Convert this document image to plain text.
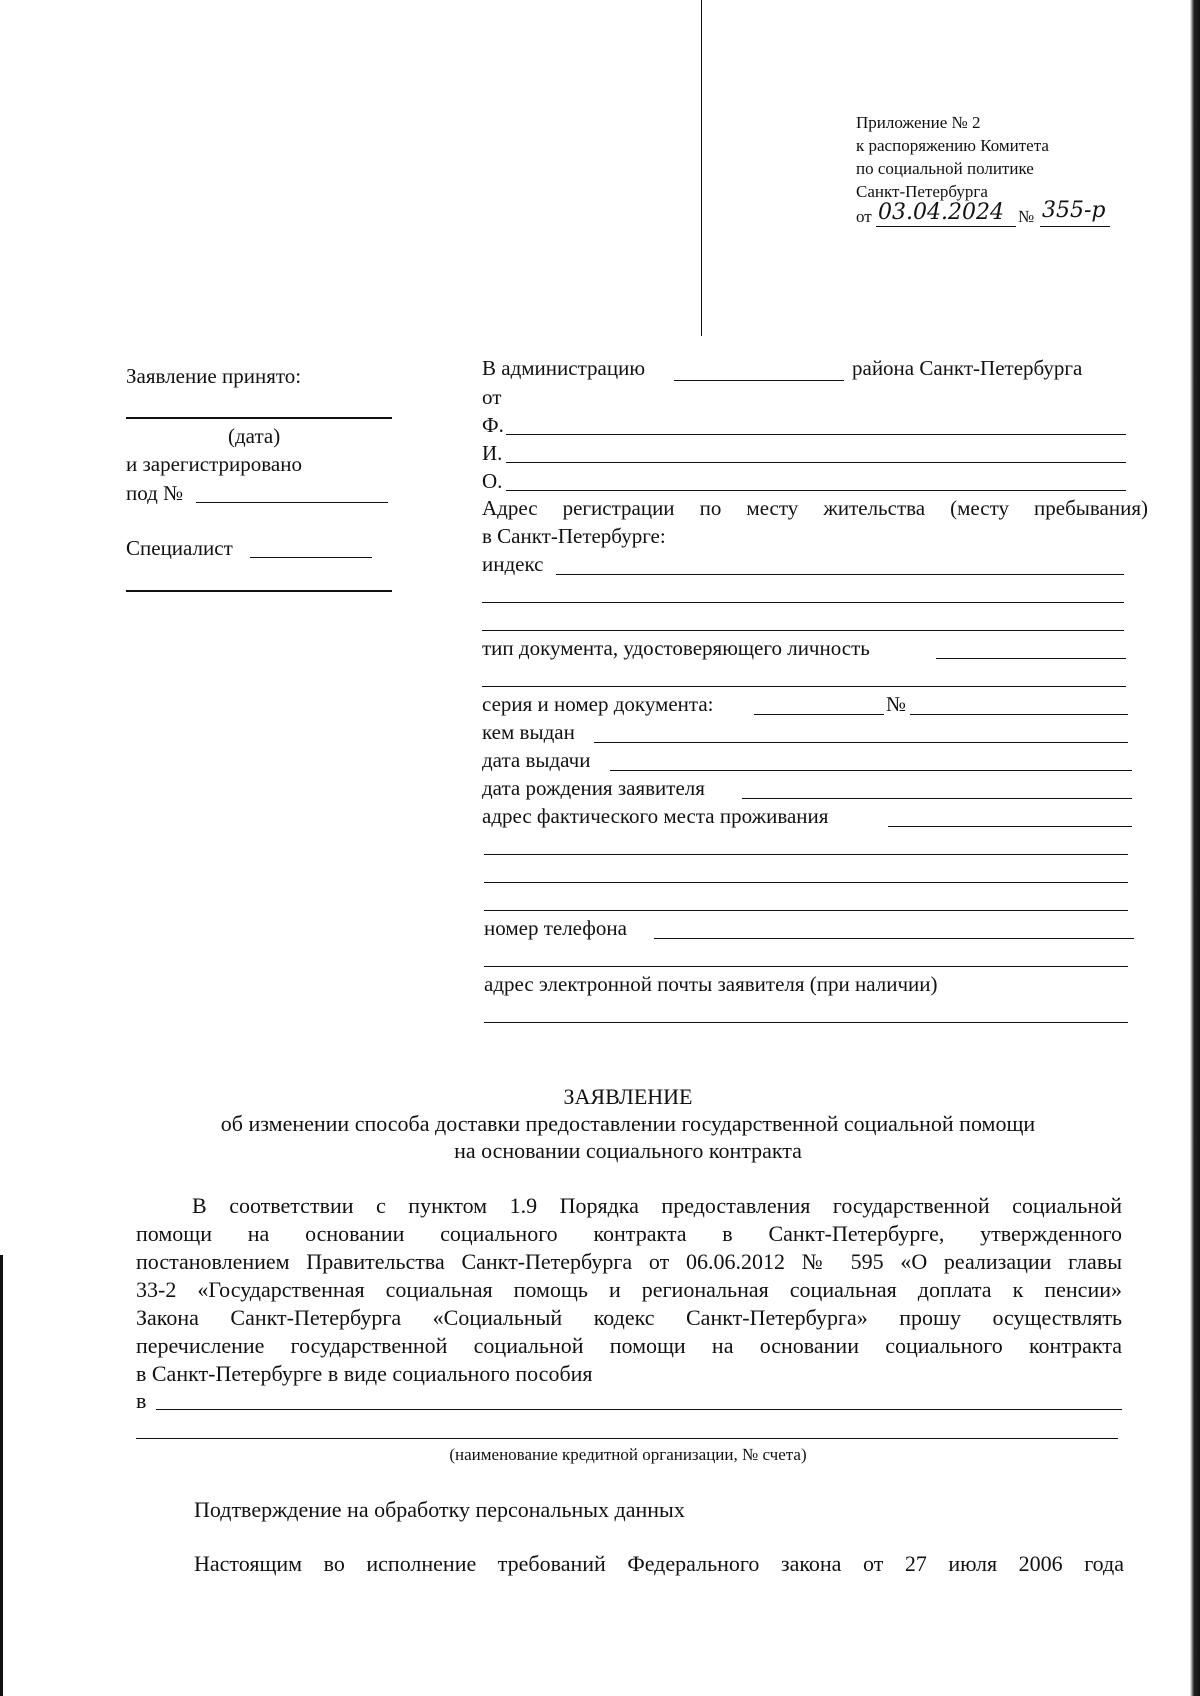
Приложение № 2
к распоряжению Комитета
по социальной политике
Санкт-Петербурга
от 03.04.2024 № 355-р
Заявление принято:
(дата)
и зарегистрировано
под №
Специалист
В администрацию	района Санкт-Петербурга
от
Ф.
И.
О.
Адрес регистрации по месту жительства (месту пребывания)
в Санкт-Петербурге:
индекс
тип документа, удостоверяющего личность
серия и номер документа:	№
кем выдан
дата выдачи
дата рождения заявителя
адрес фактического места проживания
номер телефона
адрес электронной почты заявителя (при наличии)
ЗАЯВЛЕНИЕ
об изменении способа доставки предоставлении государственной социальной помощи
на основании социального контракта
В соответствии с пунктом 1.9 Порядка предоставления государственной социальной
помощи на основании социального контракта в Санкт-Петербурге, утвержденного
постановлением Правительства Санкт-Петербурга от 06.06.2012 № 595 «О реализации главы
33-2 «Государственная социальная помощь и региональная социальная доплата к пенсии»
Закона Санкт-Петербурга «Социальный кодекс Санкт-Петербурга» прошу осуществлять
перечисление государственной социальной помощи на основании социального контракта
в Санкт-Петербурге в виде социального пособия
в
(наименование кредитной организации, № счета)
Подтверждение на обработку персональных данных
Настоящим во исполнение требований Федерального закона от 27 июля 2006 года
